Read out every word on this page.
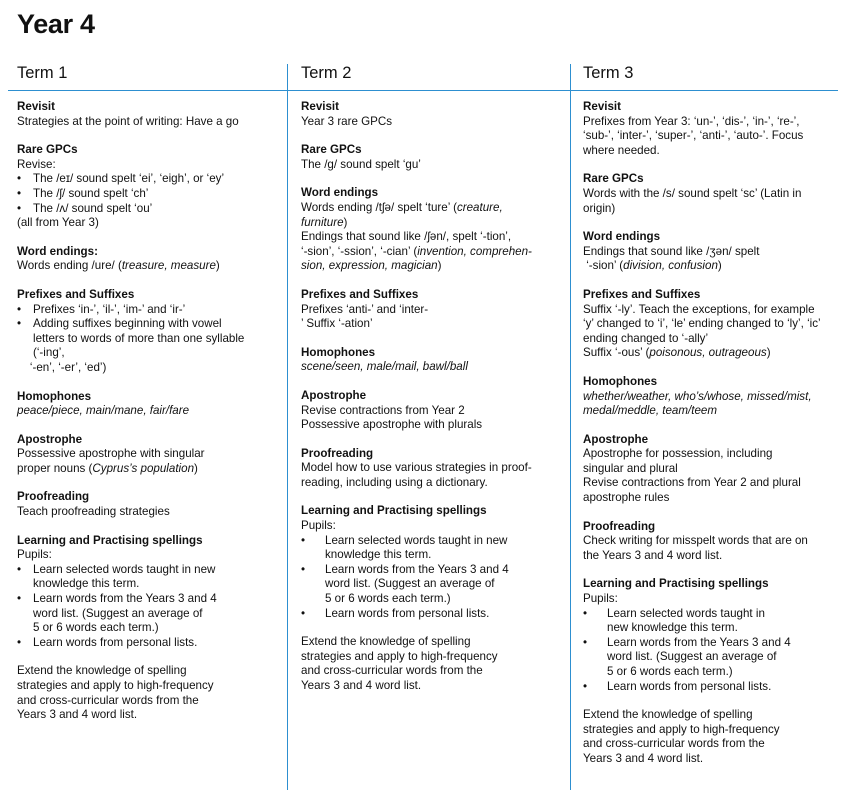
Year 4
Term 1
Revisit
Strategies at the point of writing: Have a go
Rare GPCs
Revise:
•	The /eɪ/ sound spelt ‘ei’, ‘eigh’, or ‘ey’
•	The /ʃ/ sound spelt ‘ch’
•	The /ʌ/ sound spelt ‘ou’
(all from Year 3)
Word endings:
Words ending /ure/ (treasure, measure)
Prefixes and Suffixes
•	Prefixes ‘in-’, ‘il-’, ‘im-’ and ‘ir-’
•	Adding suffixes beginning with vowel
letters to words of more than one syllable
(‘-ing’,
‘-en’, ‘-er’, ‘ed’)
Homophones
peace/piece, main/mane, fair/fare
Apostrophe
Possessive apostrophe with singular
proper nouns (Cyprus’s population)
Proofreading
Teach proofreading strategies
Learning and Practising spellings
Pupils:
•	Learn selected words taught in new
knowledge this term.
•	Learn words from the Years 3 and 4
word list. (Suggest an average of
5 or 6 words each term.)
•	Learn words from personal lists.
Extend the knowledge of spelling
strategies and apply to high-frequency
and cross-curricular words from the
Years 3 and 4 word list.
Term 2
Revisit
Year 3 rare GPCs
Rare GPCs
The /g/ sound spelt ‘gu’
Word endings
Words ending /tʃə/ spelt ‘ture’ (creature,
furniture)
Endings that sound like /ʃən/, spelt ‘-tion’,
‘-sion’, ‘-ssion’, ‘-cian’ (invention, comprehen-
sion, expression, magician)
Prefixes and Suffixes
Prefixes ‘anti-’ and ‘inter-
’ Suffix ‘-ation’
Homophones
scene/seen, male/mail, bawl/ball
Apostrophe
Revise contractions from Year 2
Possessive apostrophe with plurals
Proofreading
Model how to use various strategies in proof-
reading, including using a dictionary.
Learning and Practising spellings
Pupils:
•	Learn selected words taught in new
knowledge this term.
•	Learn words from the Years 3 and 4
word list. (Suggest an average of
5 or 6 words each term.)
•	Learn words from personal lists.
Extend the knowledge of spelling
strategies and apply to high-frequency
and cross-curricular words from the
Years 3 and 4 word list.
Term 3
Revisit
Prefixes from Year 3: ‘un-’, ‘dis-’, ‘in-’, ‘re-’,
‘sub-’, ‘inter-’, ‘super-’, ‘anti-’, ‘auto-’. Focus
where needed.
Rare GPCs
Words with the /s/ sound spelt ‘sc’ (Latin in
origin)
Word endings
Endings that sound like /ʒən/ spelt
‘-sion’ (division, confusion)
Prefixes and Suffixes
Suffix ‘-ly’. Teach the exceptions, for example
‘y’ changed to ‘i’, ‘le’ ending changed to ‘ly’, ‘ic’
ending changed to ‘-ally’
Suffix ‘-ous’ (poisonous, outrageous)
Homophones
whether/weather, who’s/whose, missed/mist,
medal/meddle, team/teem
Apostrophe
Apostrophe for possession, including
singular and plural
Revise contractions from Year 2 and plural
apostrophe rules
Proofreading
Check writing for misspelt words that are on
the Years 3 and 4 word list.
Learning and Practising spellings
Pupils:
•	Learn selected words taught in
new knowledge this term.
•	Learn words from the Years 3 and 4
word list. (Suggest an average of
5 or 6 words each term.)
•	Learn words from personal lists.
Extend the knowledge of spelling
strategies and apply to high-frequency
and cross-curricular words from the
Years 3 and 4 word list.
